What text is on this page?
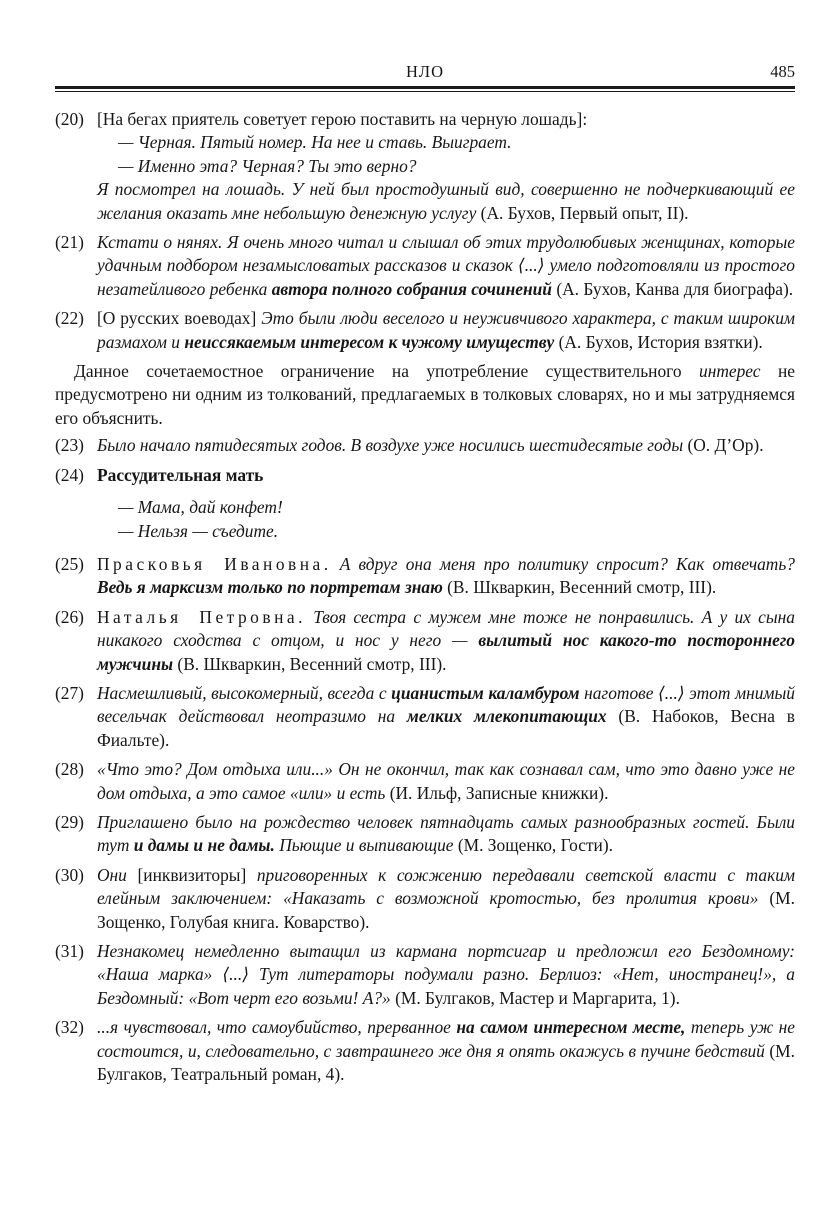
НЛО	485
(20) [На бегах приятель советует герою поставить на черную лошадь]:
— Черная. Пятый номер. На нее и ставь. Выиграет.
— Именно эта? Черная? Ты это верно?
Я посмотрел на лошадь. У ней был простодушный вид, совершенно не подчеркивающий ее желания оказать мне небольшую денежную услугу (А. Бухов, Первый опыт, II).
(21) Кстати о нянях. Я очень много читал и слышал об этих трудолюбивых женщинах, которые удачным подбором незамысловатых рассказов и сказок ⟨...⟩ умело подготовляли из простого незатейливого ребенка автора полного собрания сочинений (А. Бухов, Канва для биографа).
(22) [О русских воеводах] Это были люди веселого и неуживчивого характера, с таким широким размахом и неиссякаемым интересом к чужому имуществу (А. Бухов, История взятки).
Данное сочетаемостное ограничение на употребление существительного интерес не предусмотрено ни одним из толкований, предлагаемых в толковых словарях, но и мы затрудняемся его объяснить.
(23) Было начало пятидесятых годов. В воздухе уже носились шестидесятые годы (О. Д’Ор).
(24) Рассудительная мать
— Мама, дай конфет!
— Нельзя — съедите.
(25) Прасковья Ивановна. А вдруг она меня про политику спросит? Как отвечать? Ведь я марксизм только по портретам знаю (В. Шкваркин, Весенний смотр, III).
(26) Наталья Петровна. Твоя сестра с мужем мне тоже не понравились. А у их сына никакого сходства с отцом, и нос у него — вылитый нос какого-то постороннего мужчины (В. Шкваркин, Весенний смотр, III).
(27) Насмешливый, высокомерный, всегда с цианистым каламбуром наготове ⟨...⟩ этот мнимый весельчак действовал неотразимо на мелких млекопитающих (В. Набоков, Весна в Фиальте).
(28) «Что это? Дом отдыха или...» Он не окончил, так как сознавал сам, что это давно уже не дом отдыха, а это самое «или» и есть (И. Ильф, Записные книжки).
(29) Приглашено было на рождество человек пятнадцать самых разнообразных гостей. Были тут и дамы и не дамы. Пьющие и выпивающие (М. Зощенко, Гости).
(30) Они [инквизиторы] приговоренных к сожжению передавали светской власти с таким елейным заключением: «Наказать с возможной кротостью, без пролития крови» (М. Зощенко, Голубая книга. Коварство).
(31) Незнакомец немедленно вытащил из кармана портсигар и предложил его Бездомному: «Наша марка» ⟨...⟩ Тут литераторы подумали разно. Берлиоз: «Нет, иностранец!», а Бездомный: «Вот черт его возьми! А?» (М. Булгаков, Мастер и Маргарита, 1).
(32) ...я чувствовал, что самоубийство, прерванное на самом интересном месте, теперь уж не состоится, и, следовательно, с завтрашнего же дня я опять окажусь в пучине бедствий (М. Булгаков, Театральный роман, 4).
